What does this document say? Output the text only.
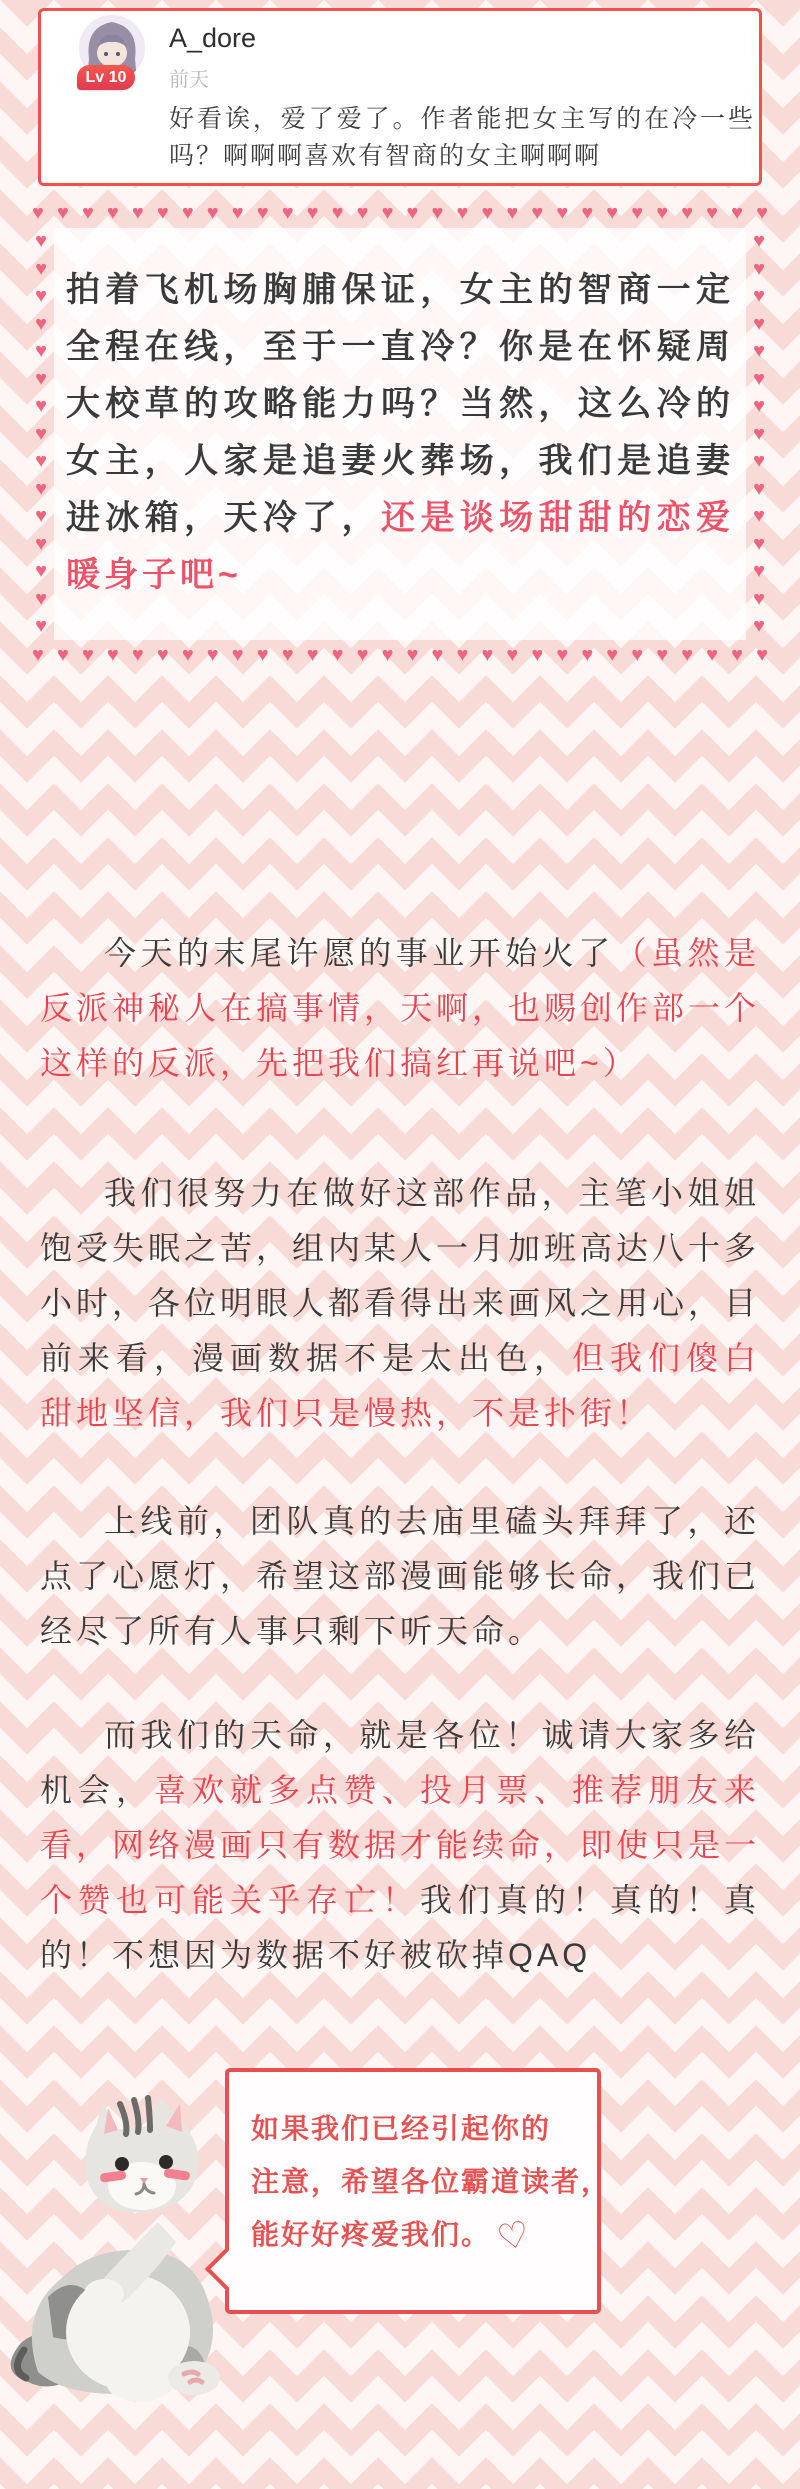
Lv 10
A_dore
前天
好看诶，爱了爱了。作者能把女主写的在冷一些吗？啊啊啊喜欢有智商的女主啊啊啊
♥ ♥ ♥ ♥ ♥ ♥ ♥ ♥ ♥ ♥ ♥ ♥ ♥ ♥ ♥ ♥ ♥ ♥ ♥ ♥ ♥ ♥ ♥ ♥ ♥ ♥ ♥ ♥ ♥ ♥
♥
♥
♥
♥
♥
♥
♥
♥
♥
♥
♥
♥
♥
♥
♥
♥
♥
♥
♥
♥
♥
♥
♥
♥
♥
♥
♥
♥
♥
♥
拍着飞机场胸脯保证，女主的智商一定全程在线，至于一直冷？你是在怀疑周大校草的攻略能力吗？当然，这么冷的女主，人家是追妻火葬场，我们是追妻进冰箱，天冷了，还是谈场甜甜的恋爱暖身子吧~
♥ ♥ ♥ ♥ ♥ ♥ ♥ ♥ ♥ ♥ ♥ ♥ ♥ ♥ ♥ ♥ ♥ ♥ ♥ ♥ ♥ ♥ ♥ ♥ ♥ ♥ ♥ ♥ ♥ ♥

今天的末尾许愿的事业开始火了（虽然是反派神秘人在搞事情，天啊，也赐创作部一个这样的反派，先把我们搞红再说吧~）

我们很努力在做好这部作品，主笔小姐姐饱受失眠之苦，组内某人一月加班高达八十多小时，各位明眼人都看得出来画风之用心，目前来看，漫画数据不是太出色，但我们傻白甜地坚信，我们只是慢热，不是扑街！

上线前，团队真的去庙里磕头拜拜了，还点了心愿灯，希望这部漫画能够长命，我们已经尽了所有人事只剩下听天命。

而我们的天命，就是各位！诚请大家多给机会，喜欢就多点赞、投月票、推荐朋友来看，网络漫画只有数据才能续命，即使只是一个赞也可能关乎存亡！我们真的！真的！真的！不想因为数据不好被砍掉QAQ

如果我们已经引起你的
注意，希望各位霸道读者，
能好好疼爱我们。♡
